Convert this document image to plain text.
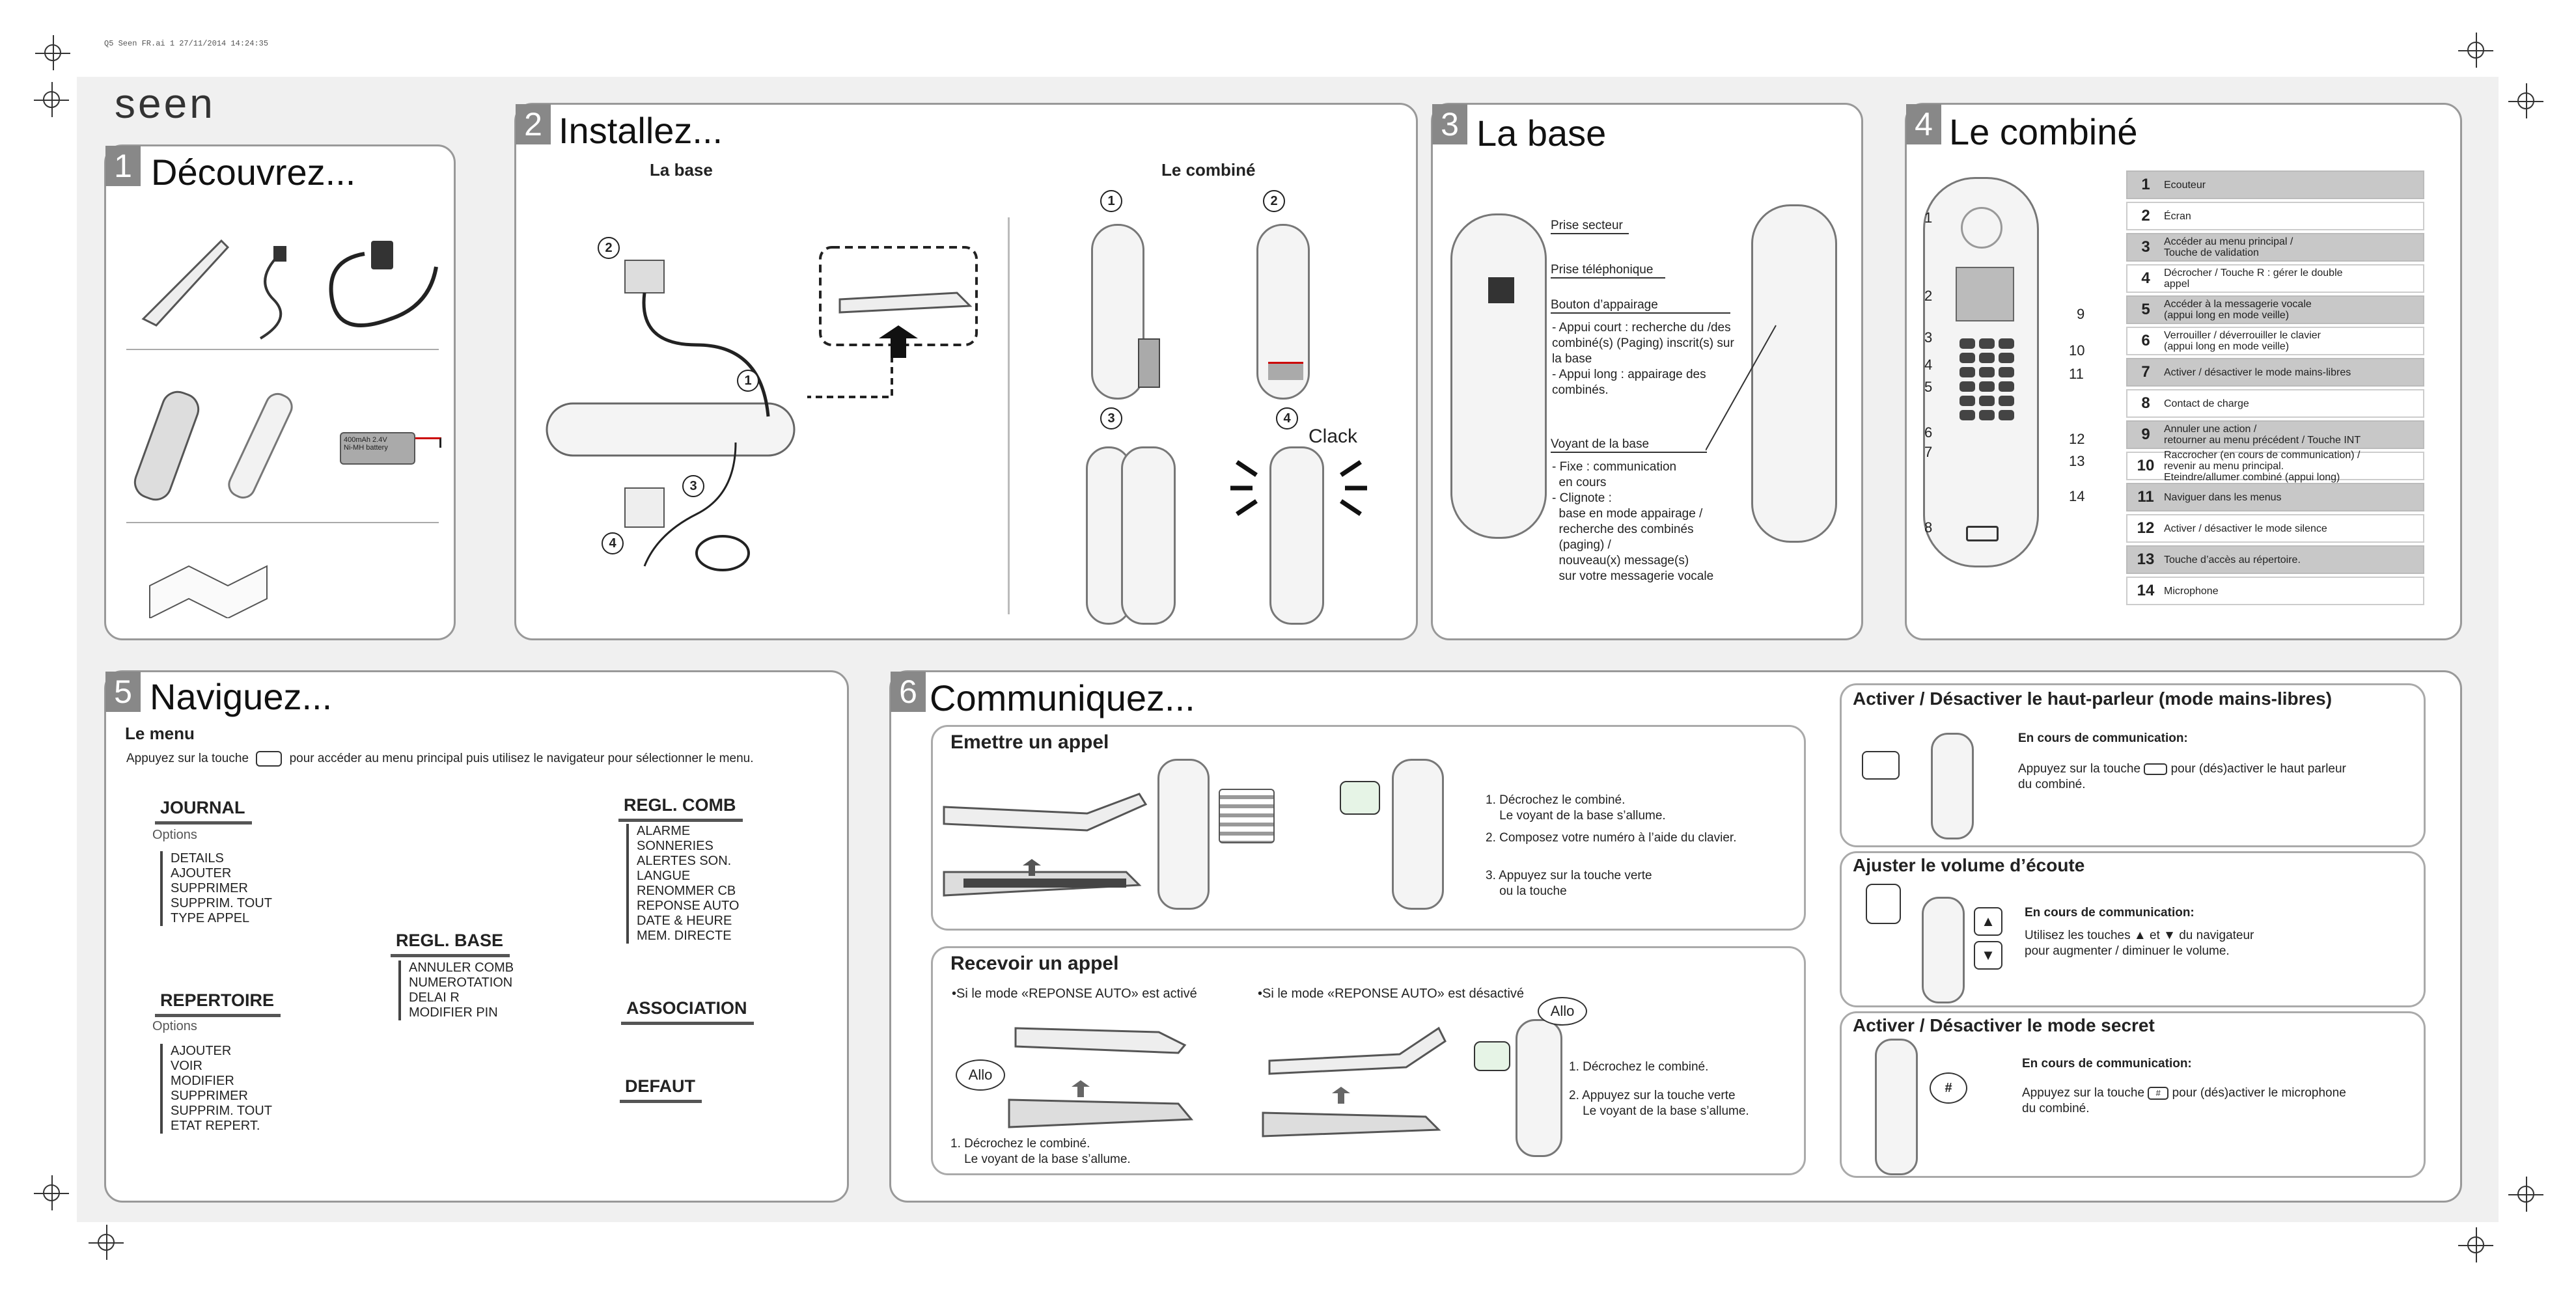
Q5 Seen FR.ai 1 27/11/2014 14:24:35
seen
1 Découvrez...
400mAh 2.4V
Ni-MH battery
2 Installez...
La base	Le combiné
2
1
3
4
1	2
3	4
Clack
3 La base
Prise secteur
Prise téléphonique
Bouton d’appairage
- Appui court : recherche du /des combiné(s) (Paging) inscrit(s) sur la base
- Appui long : appairage des combinés.
Voyant de la base
- Fixe : communication
en cours
- Clignote :
base en mode appairage /
recherche des combinés
(paging) /
nouveau(x) message(s)
sur votre messagerie vocale
4 Le combiné
1
2
3
4
5
6
7
8
9
10
11
12
13
14
1	Ecouteur
2	Écran
3	Accéder au menu principal /
Touche de validation
4	Décrocher / Touche R : gérer le double
appel
5	Accéder à la messagerie vocale
(appui long en mode veille)
6	Verrouiller / déverrouiller le clavier
(appui long en mode veille)
7	Activer / désactiver le mode mains-libres
8	Contact de charge
9	Annuler une action /
retourner au menu précédent / Touche INT
10
Raccrocher (en cours de communication) /
revenir au menu principal.
Eteindre/allumer combiné (appui long)
11 Naviguer dans les menus
12 Activer / désactiver le mode silence
13 Touche d’accès au répertoire.
14 Microphone
5 Naviguez...
Le menu
Appuyez sur la touche	pour accéder au menu principal puis utilisez le navigateur pour sélectionner le menu.
JOURNAL
Options
DETAILS
AJOUTER
SUPPRIMER
SUPPRIM. TOUT
TYPE APPEL
REPERTOIRE
Options
AJOUTER
VOIR
MODIFIER
SUPPRIMER
SUPPRIM. TOUT
ETAT REPERT.
REGL. BASE
ANNULER COMB
NUMEROTATION
DELAI R
MODIFIER PIN
REGL. COMB
ALARME
SONNERIES
ALERTES SON.
LANGUE
RENOMMER CB
REPONSE AUTO
DATE & HEURE
MEM. DIRECTE
ASSOCIATION
DEFAUT
6 Communiquez...
Emettre un appel
1. Décrochez le combiné.
Le voyant de la base s’allume.
2. Composez votre numéro à l’aide du clavier.
3. Appuyez sur la touche verte
ou la touche
Recevoir un appel
•Si le mode «REPONSE AUTO» est activé	•Si le mode «REPONSE AUTO» est désactivé
Allo
1. Décrochez le combiné.
Le voyant de la base s’allume.
Allo
1. Décrochez le combiné.
2. Appuyez sur la touche verte
Le voyant de la base s’allume.
Activer / Désactiver le haut-parleur (mode mains-libres)
En cours de communication:
Appuyez sur la touche pour (dés)activer le haut parleur
du combiné.
Ajuster le volume d’écoute
▲
▼
En cours de communication:
Utilisez les touches ▲ et ▼ du navigateur
pour augmenter / diminuer le volume.
Activer / Désactiver le mode secret
#
En cours de communication:
Appuyez sur la touche # pour (dés)activer le microphone
du combiné.
